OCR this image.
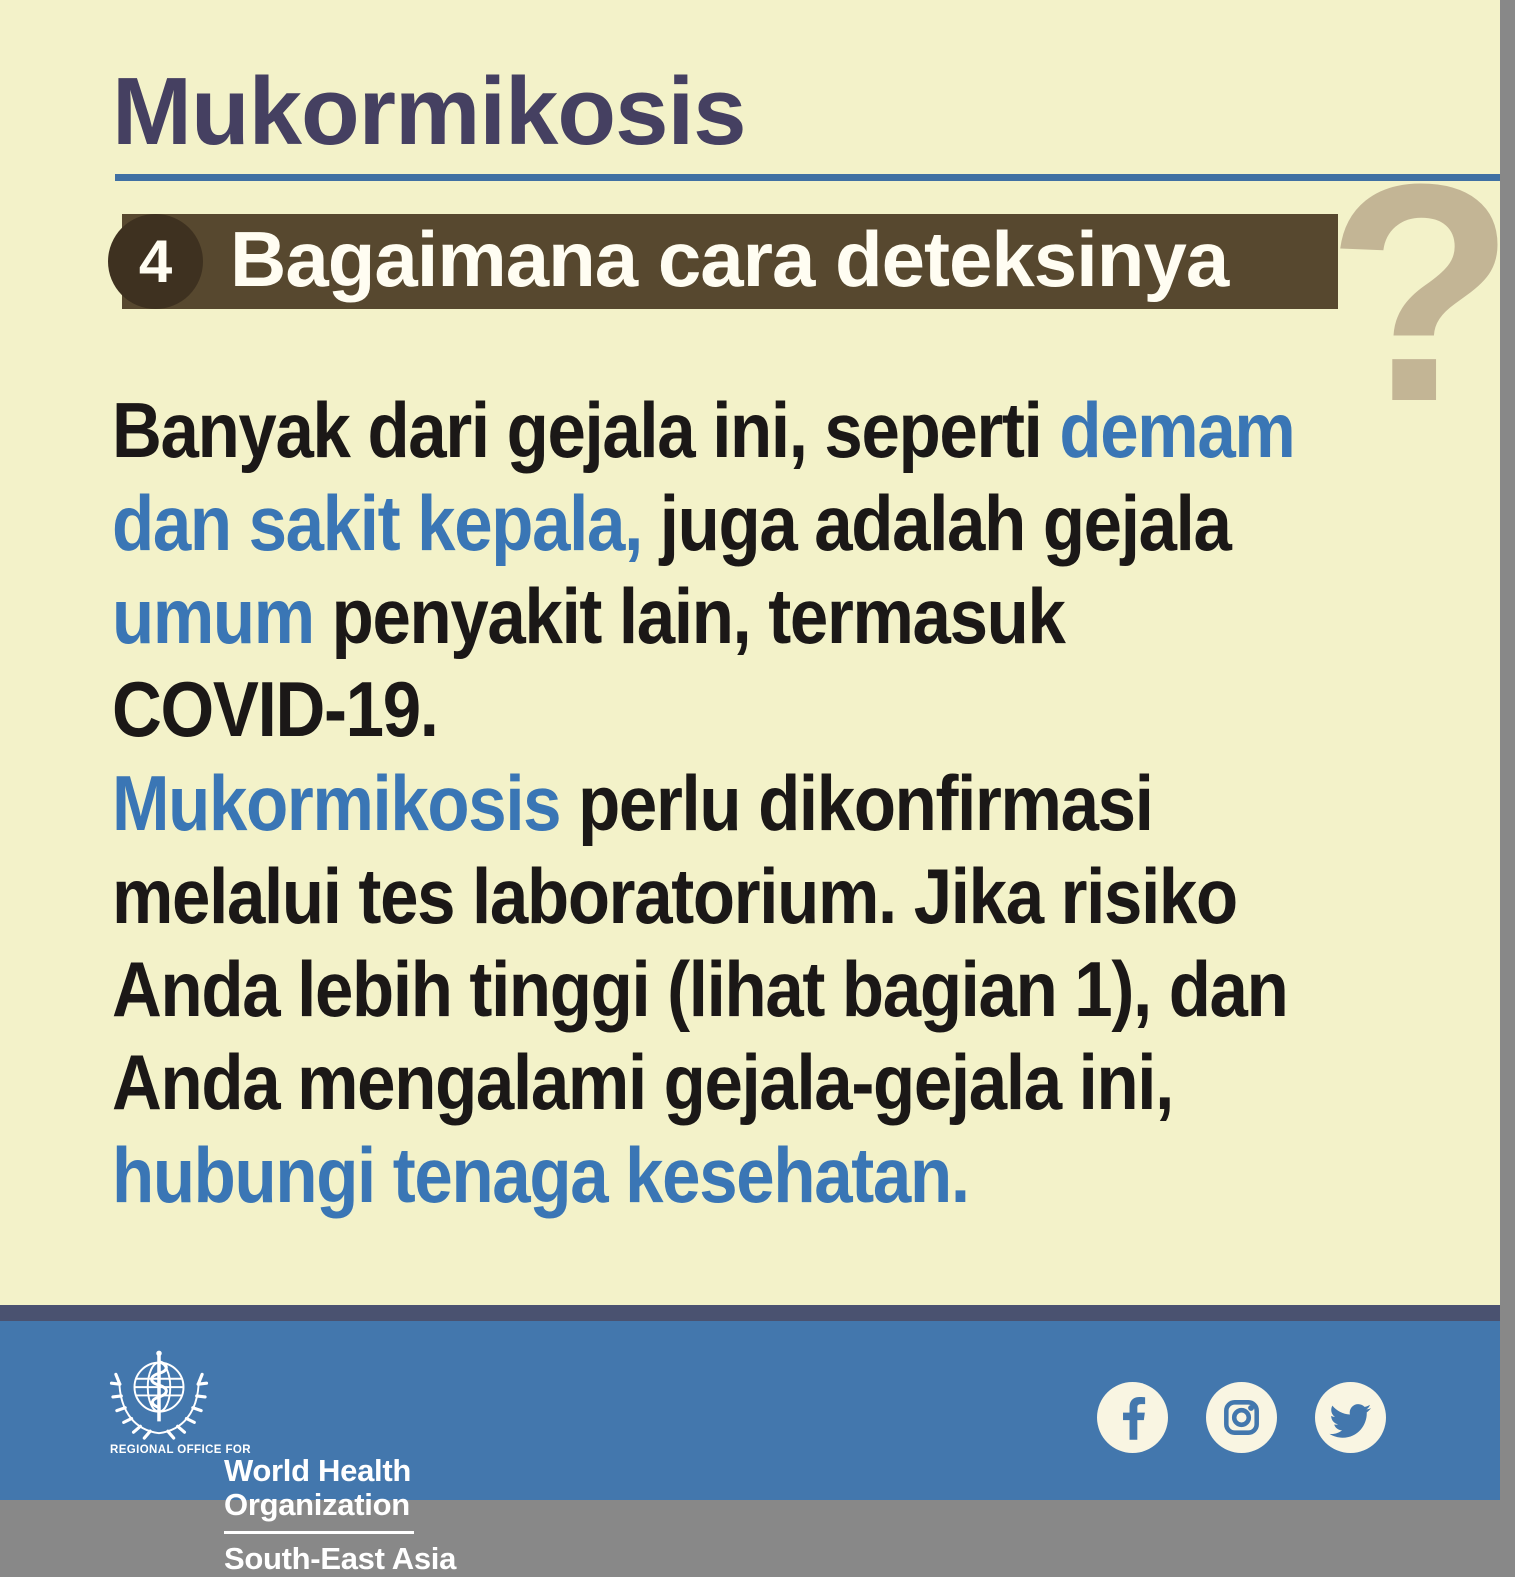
Mukormikosis
4 Bagaimana cara deteksinya ?
Banyak dari gejala ini, seperti demam
dan sakit kepala, juga adalah gejala
umum penyakit lain, termasuk
COVID-19.
Mukormikosis perlu dikonfirmasi
melalui tes laboratorium. Jika risiko
Anda lebih tinggi (lihat bagian 1), dan
Anda mengalami gejala-gejala ini,
hubungi tenaga kesehatan.
REGIONAL OFFICE FOR
World Health
Organization
South-East Asia
